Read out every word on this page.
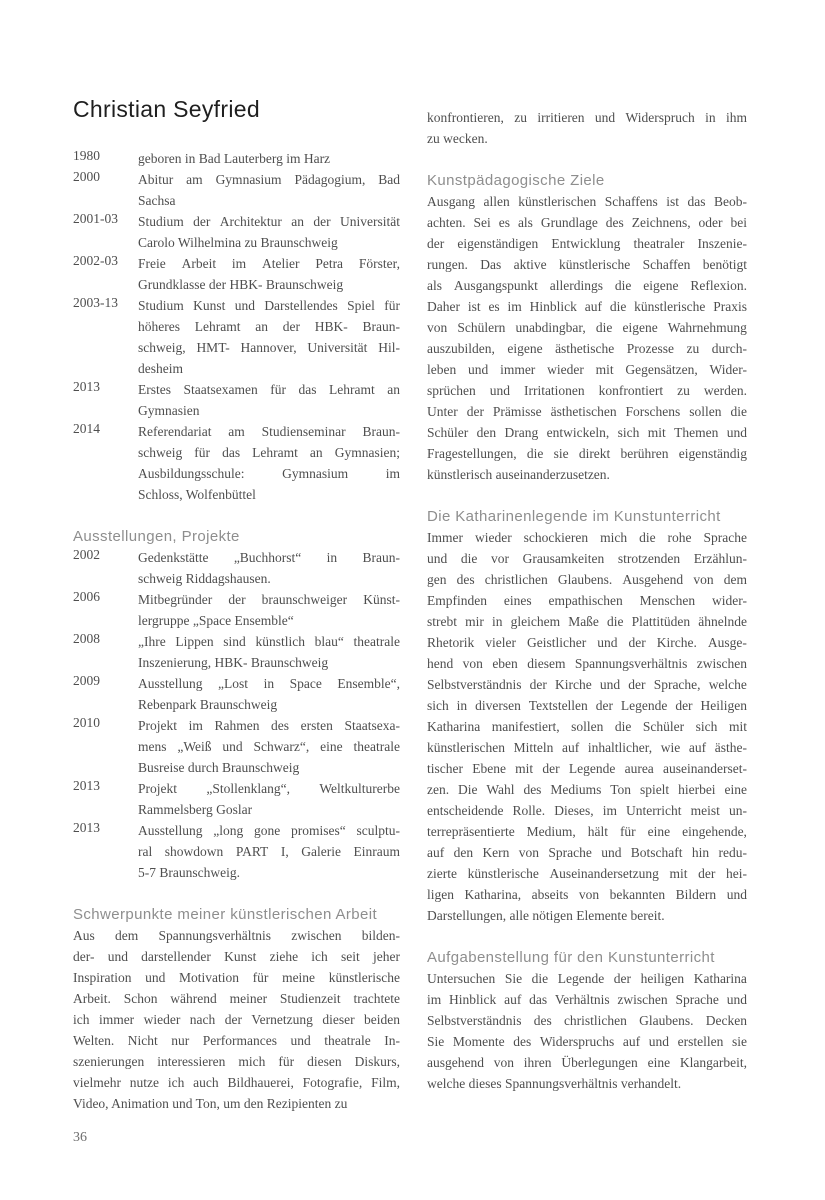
Christian Seyfried
1980	geboren in Bad Lauterberg im Harz
2000	Abitur am Gymnasium Pädagogium, Bad
Sachsa
2001-03	Studium der Architektur an der Universität
Carolo Wilhelmina zu Braunschweig
2002-03	Freie Arbeit im Atelier Petra Förster,
Grundklasse der HBK- Braunschweig
2003-13	Studium Kunst und Darstellendes Spiel für
höheres Lehramt an der HBK- Braun-
schweig, HMT- Hannover, Universität Hil-
desheim
2013	Erstes Staatsexamen für das Lehramt an
Gymnasien
2014	Referendariat am Studienseminar Braun-
schweig für das Lehramt an Gymnasien;
Ausbildungsschule:	Gymnasium	im
Schloss, Wolfenbüttel
Ausstellungen, Projekte
2002	Gedenkstätte „Buchhorst“ in Braun-
schweig Riddagshausen.
2006	Mitbegründer der braunschweiger Künst-
lergruppe „Space Ensemble“
2008	„Ihre Lippen sind künstlich blau“ theatrale
Inszenierung, HBK- Braunschweig
2009	Ausstellung „Lost in Space Ensemble“,
Rebenpark Braunschweig
2010	Projekt im Rahmen des ersten Staatsexa-
mens „Weiß und Schwarz“, eine theatrale
Busreise durch Braunschweig
2013	Projekt „Stollenklang“, Weltkulturerbe
Rammelsberg Goslar
2013	Ausstellung „long gone promises“ sculptu-
ral showdown PART I, Galerie Einraum
5-7 Braunschweig.
Schwerpunkte meiner künstlerischen Arbeit
Aus dem Spannungsverhältnis zwischen bilden-
der- und darstellender Kunst ziehe ich seit jeher
Inspiration und Motivation für meine künstlerische
Arbeit. Schon während meiner Studienzeit trachtete
ich immer wieder nach der Vernetzung dieser beiden
Welten. Nicht nur Performances und theatrale In-
szenierungen interessieren mich für diesen Diskurs,
vielmehr nutze ich auch Bildhauerei, Fotografie, Film,
Video, Animation und Ton, um den Rezipienten zu
konfrontieren, zu irritieren und Widerspruch in ihm
zu wecken.
Kunstpädagogische Ziele
Ausgang allen künstlerischen Schaffens ist das Beob-
achten. Sei es als Grundlage des Zeichnens, oder bei
der eigenständigen Entwicklung theatraler Inszenie-
rungen. Das aktive künstlerische Schaffen benötigt
als Ausgangspunkt allerdings die eigene Reflexion.
Daher ist es im Hinblick auf die künstlerische Praxis
von Schülern unabdingbar, die eigene Wahrnehmung
auszubilden, eigene ästhetische Prozesse zu durch-
leben und immer wieder mit Gegensätzen, Wider-
sprüchen und Irritationen konfrontiert zu werden.
Unter der Prämisse ästhetischen Forschens sollen die
Schüler den Drang entwickeln, sich mit Themen und
Fragestellungen, die sie direkt berühren eigenständig
künstlerisch auseinanderzusetzen.
Die Katharinenlegende im Kunstunterricht
Immer wieder schockieren mich die rohe Sprache
und die vor Grausamkeiten strotzenden Erzählun-
gen des christlichen Glaubens. Ausgehend von dem
Empfinden eines empathischen Menschen wider-
strebt mir in gleichem Maße die Plattitüden ähnelnde
Rhetorik vieler Geistlicher und der Kirche. Ausge-
hend von eben diesem Spannungsverhältnis zwischen
Selbstverständnis der Kirche und der Sprache, welche
sich in diversen Textstellen der Legende der Heiligen
Katharina manifestiert, sollen die Schüler sich mit
künstlerischen Mitteln auf inhaltlicher, wie auf ästhe-
tischer Ebene mit der Legende aurea auseinanderset-
zen. Die Wahl des Mediums Ton spielt hierbei eine
entscheidende Rolle. Dieses, im Unterricht meist un-
terrepräsentierte Medium, hält für eine eingehende,
auf den Kern von Sprache und Botschaft hin redu-
zierte künstlerische Auseinandersetzung mit der hei-
ligen Katharina, abseits von bekannten Bildern und
Darstellungen, alle nötigen Elemente bereit.
Aufgabenstellung für den Kunstunterricht
Untersuchen Sie die Legende der heiligen Katharina
im Hinblick auf das Verhältnis zwischen Sprache und
Selbstverständnis des christlichen Glaubens. Decken
Sie Momente des Widerspruchs auf und erstellen sie
ausgehend von ihren Überlegungen eine Klangarbeit,
welche dieses Spannungsverhältnis verhandelt.
36
